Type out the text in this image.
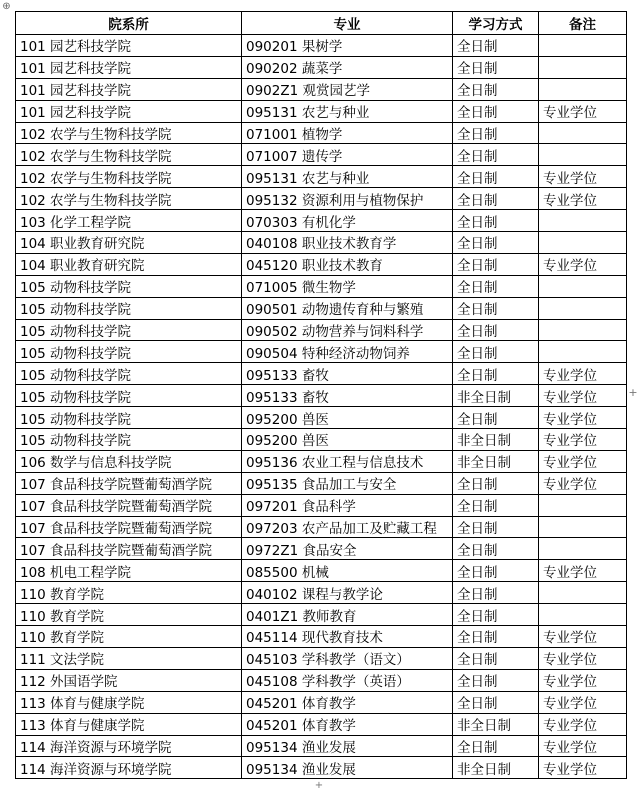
⊕
+
+
院系所	专业	学习方式	备注
101 园艺科技学院	090201 果树学	全日制	
101 园艺科技学院	090202 蔬菜学	全日制	
101 园艺科技学院	0902Z1 观赏园艺学	全日制	
101 园艺科技学院	095131 农艺与种业	全日制	专业学位
102 农学与生物科技学院	071001 植物学	全日制	
102 农学与生物科技学院	071007 遗传学	全日制	
102 农学与生物科技学院	095131 农艺与种业	全日制	专业学位
102 农学与生物科技学院	095132 资源利用与植物保护	全日制	专业学位
103 化学工程学院	070303 有机化学	全日制	
104 职业教育研究院	040108 职业技术教育学	全日制	
104 职业教育研究院	045120 职业技术教育	全日制	专业学位
105 动物科技学院	071005 微生物学	全日制	
105 动物科技学院	090501 动物遗传育种与繁殖	全日制	
105 动物科技学院	090502 动物营养与饲料科学	全日制	
105 动物科技学院	090504 特种经济动物饲养	全日制	
105 动物科技学院	095133 畜牧	全日制	专业学位
105 动物科技学院	095133 畜牧	非全日制	专业学位
105 动物科技学院	095200 兽医	全日制	专业学位
105 动物科技学院	095200 兽医	非全日制	专业学位
106 数学与信息科技学院	095136 农业工程与信息技术	非全日制	专业学位
107 食品科技学院暨葡萄酒学院	095135 食品加工与安全	全日制	专业学位
107 食品科技学院暨葡萄酒学院	097201 食品科学	全日制	
107 食品科技学院暨葡萄酒学院	097203 农产品加工及贮藏工程	全日制	
107 食品科技学院暨葡萄酒学院	0972Z1 食品安全	全日制	
108 机电工程学院	085500 机械	全日制	专业学位
110 教育学院	040102 课程与教学论	全日制	
110 教育学院	0401Z1 教师教育	全日制	
110 教育学院	045114 现代教育技术	全日制	专业学位
111 文法学院	045103 学科教学（语文）	全日制	专业学位
112 外国语学院	045108 学科教学（英语）	全日制	专业学位
113 体育与健康学院	045201 体育教学	全日制	专业学位
113 体育与健康学院	045201 体育教学	非全日制	专业学位
114 海洋资源与环境学院	095134 渔业发展	全日制	专业学位
114 海洋资源与环境学院	095134 渔业发展	非全日制	专业学位
